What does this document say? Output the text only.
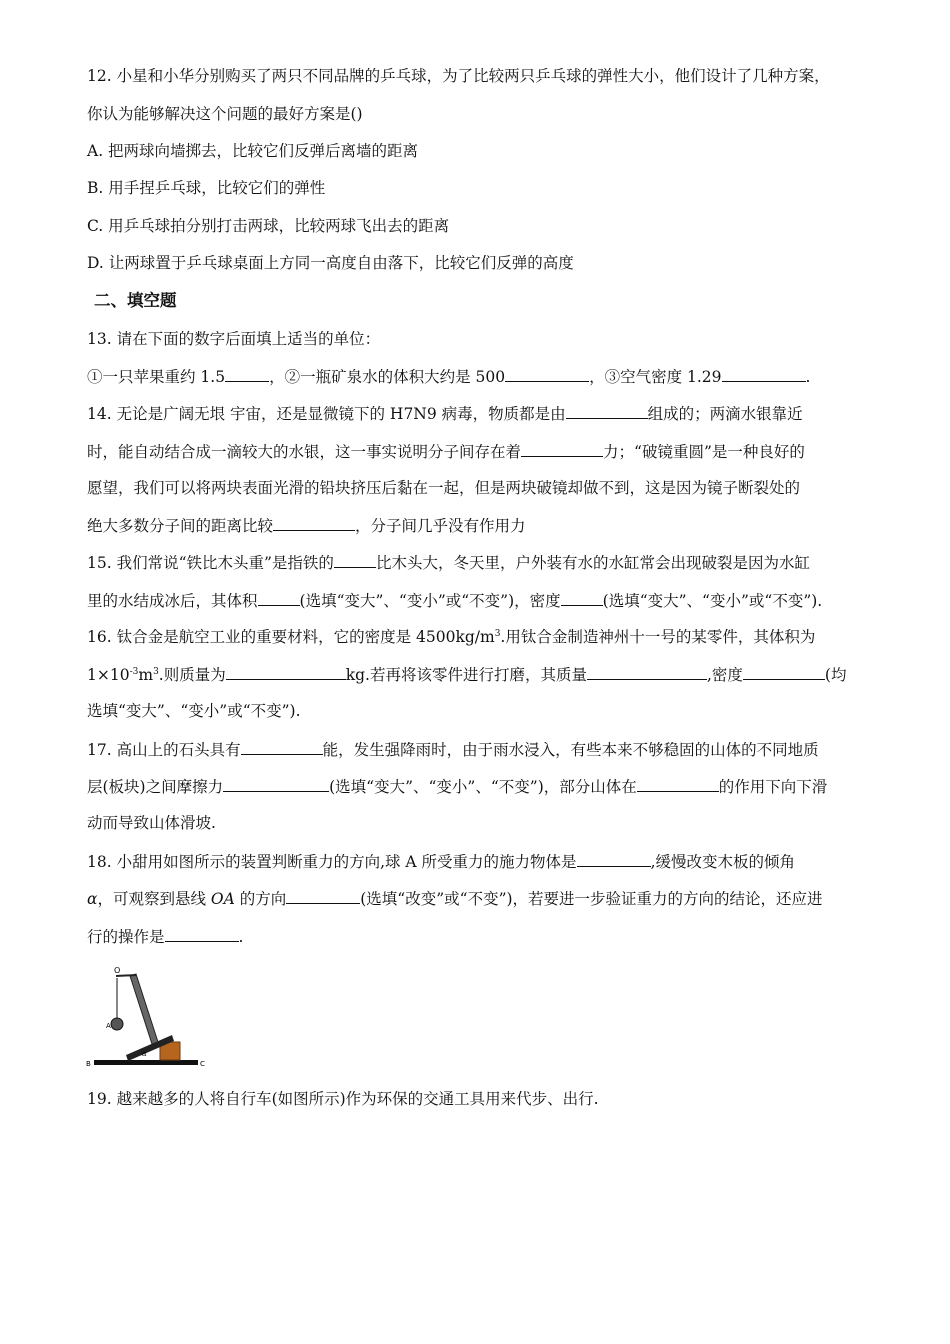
12. 小星和小华分别购买了两只不同品牌的乒乓球，为了比较两只乒乓球的弹性大小，他们设计了几种方案，
你认为能够解决这个问题的最好方案是()
A. 把两球向墙掷去，比较它们反弹后离墙的距离
B. 用手捏乒乓球，比较它们的弹性
C. 用乒乓球拍分别打击两球，比较两球飞出去的距离
D. 让两球置于乒乓球桌面上方同一高度自由落下，比较它们反弹的高度
二、填空题
13. 请在下面的数字后面填上适当的单位：
①一只苹果重约 1.5	，②一瓶矿泉水的体积大约是 500	，③空气密度 1.29	.
14. 无论是广阔无垠 宇宙，还是显微镜下的 H7N9 病毒，物质都是由	组成的；两滴水银靠近
时，能自动结合成一滴较大的水银，这一事实说明分子间存在着	力；“破镜重圆”是一种良好的
愿望，我们可以将两块表面光滑的铅块挤压后黏在一起，但是两块破镜却做不到，这是因为镜子断裂处的
绝大多数分子间的距离比较	，分子间几乎没有作用力
15. 我们常说“铁比木头重”是指铁的	比木头大，冬天里，户外装有水的水缸常会出现破裂是因为水缸
里的水结成冰后，其体积	(选填“变大”、“变小”或“不变”)，密度	(选填“变大”、“变小”或“不变”).
16. 钛合金是航空工业的重要材料，它的密度是 $4500kg/m^3$.用钛合金制造神州十一号的某零件，其体积为
$1\times 10^{-3}m^3$.则质量为	kg.若再将该零件进行打磨，其质量	,密度	(均
选填“变大”、“变小”或“不变”).
17. 高山上的石头具有	能，发生强降雨时，由于雨水浸入，有些本来不够稳固的山体的不同地质
层(板块)之间摩擦力	(选填“变大”、“变小”、“不变”)，部分山体在	的作用下向下滑
动而导致山体滑坡.
18. 小甜用如图所示的装置判断重力的方向,球 A 所受重力的施力物体是	,缓慢改变木板的倾角
α，可观察到悬线 OA 的方向	(选填“改变”或“不变”)，若要进一步验证重力的方向的结论，还应进
行的操作是	.
O
A
B	C
α
19. 越来越多的人将自行车(如图所示)作为环保的交通工具用来代步、出行.
